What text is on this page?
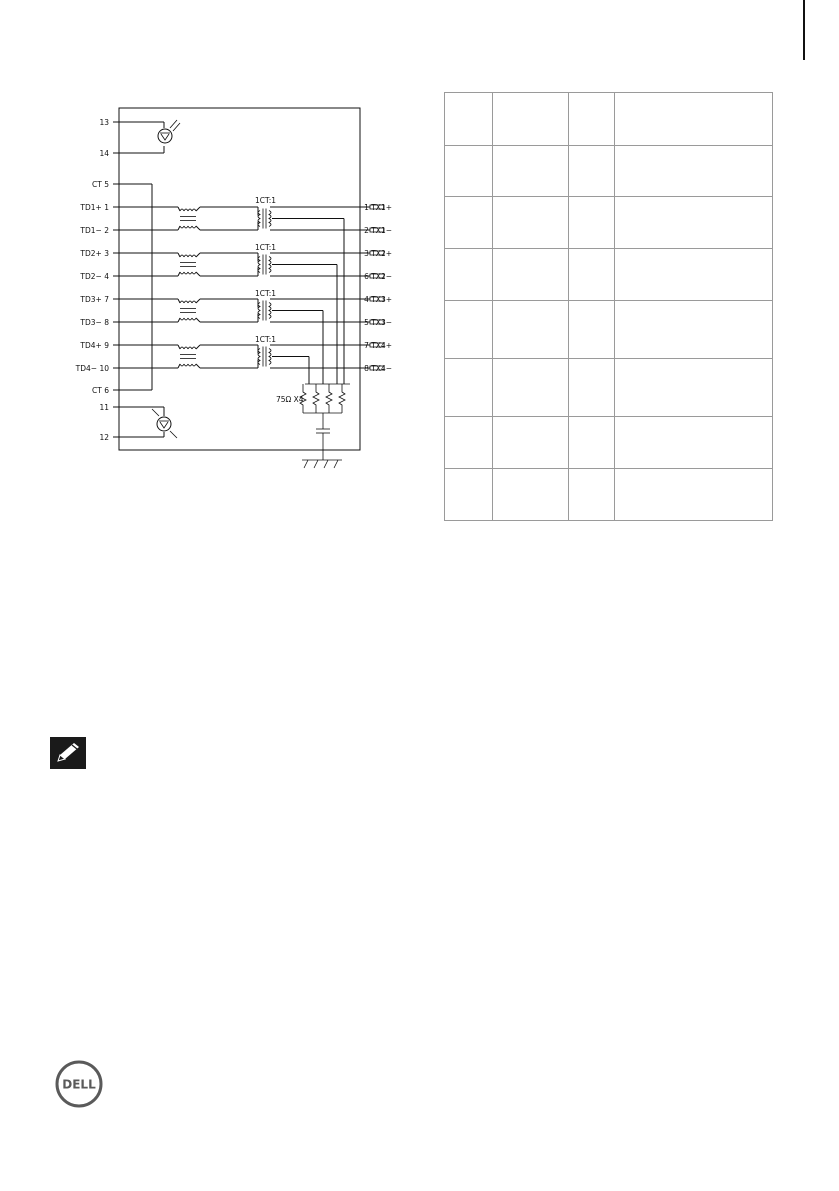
13
14
CT 5
TD1+ 1
TD1− 2
TD2+ 3
TD2− 4
TD3+ 7
TD3− 8
TD4+ 9
TD4− 10
CT 6
11
12
1CT:1
1CT:1
1CT:1
1CT:1
1 TX1+
2 TX1−
3 TX2+
6 TX2−
4 TX3+
5 TX3−
7 TX4+
8 TX4−
75Ω X4

DELL
